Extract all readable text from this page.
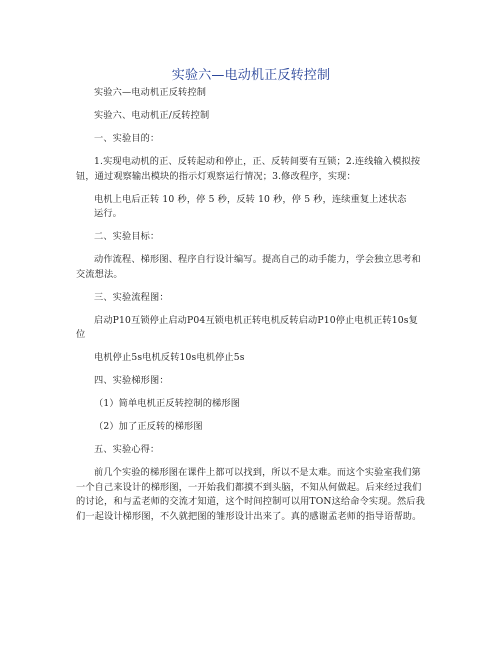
实验六—电动机正反转控制

实验六—电动机正反转控制

实验六、电动机正/反转控制

一、实验目的：

1.实现电动机的正、反转起动和停止，正、反转间要有互锁；2.连线输入模拟按钮，通过观察输出模块的指示灯观察运行情况；3.修改程序，实现：

电机上电后正转 10 秒，停 5 秒，反转 10 秒，停 5 秒，连续重复上述状态

运行。

二、实验目标：

动作流程、梯形图、程序自行设计编写。提高自己的动手能力，学会独立思考和交流想法。

三、实验流程图：

启动P10互锁停止启动P04互锁电机正转电机反转启动P10停止电机正转10s复位

电机停止5s电机反转10s电机停止5s

四、实验梯形图：

（1）简单电机正反转控制的梯形图

（2）加了正反转的梯形图

五、实验心得：

前几个实验的梯形图在课件上都可以找到，所以不是太难。而这个实验室我们第一个自己来设计的梯形图，一开始我们都摸不到头脑，不知从何做起。后来经过我们的讨论，和与孟老师的交流才知道，这个时间控制可以用TON这给命令实现。然后我们一起设计梯形图，不久就把图的雏形设计出来了。真的感谢孟老师的指导语帮助。
